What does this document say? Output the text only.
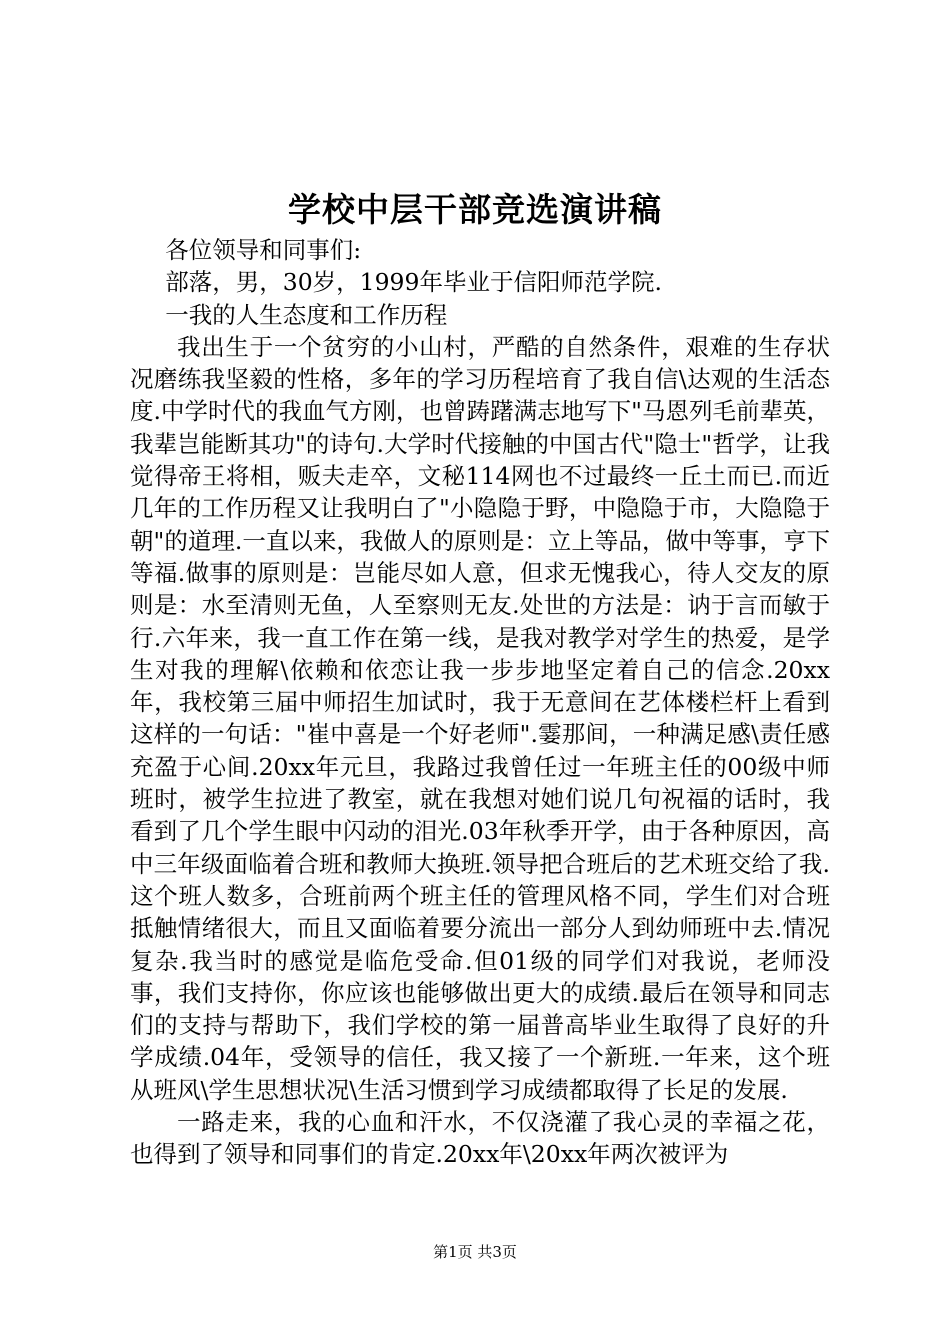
学校中层干部竞选演讲稿

各位领导和同事们:

部落，男，30岁，1999年毕业于信阳师范学院.

一我的人生态度和工作历程

我出生于一个贫穷的小山村，严酷的自然条件，艰难的生存状况磨练我坚毅的性格，多年的学习历程培育了我自信\达观的生活态度.中学时代的我血气方刚，也曾踌躇满志地写下"马恩列毛前辈英，我辈岂能断其功"的诗句.大学时代接触的中国古代"隐士"哲学，让我觉得帝王将相，贩夫走卒，文秘114网也不过最终一丘土而已.而近几年的工作历程又让我明白了"小隐隐于野，中隐隐于市，大隐隐于朝"的道理.一直以来，我做人的原则是：立上等品，做中等事，亨下等福.做事的原则是：岂能尽如人意，但求无愧我心，待人交友的原则是：水至清则无鱼，人至察则无友.处世的方法是：讷于言而敏于行.六年来，我一直工作在第一线，是我对教学对学生的热爱，是学生对我的理解\依赖和依恋让我一步步地坚定着自己的信念.20xx年，我校第三届中师招生加试时，我于无意间在艺体楼栏杆上看到这样的一句话："崔中喜是一个好老师".霎那间，一种满足感\责任感充盈于心间.20xx年元旦，我路过我曾任过一年班主任的00级中师班时，被学生拉进了教室，就在我想对她们说几句祝福的话时，我看到了几个学生眼中闪动的泪光.03年秋季开学，由于各种原因，高中三年级面临着合班和教师大换班.领导把合班后的艺术班交给了我.这个班人数多，合班前两个班主任的管理风格不同，学生们对合班抵触情绪很大，而且又面临着要分流出一部分人到幼师班中去.情况复杂.我当时的感觉是临危受命.但01级的同学们对我说，老师没事，我们支持你，你应该也能够做出更大的成绩.最后在领导和同志们的支持与帮助下，我们学校的第一届普高毕业生取得了良好的升学成绩.04年，受领导的信任，我又接了一个新班.一年来，这个班从班风\学生思想状况\生活习惯到学习成绩都取得了长足的发展.

一路走来，我的心血和汗水，不仅浇灌了我心灵的幸福之花，也得到了领导和同事们的肯定.20xx年\20xx年两次被评为

第1页 共3页
